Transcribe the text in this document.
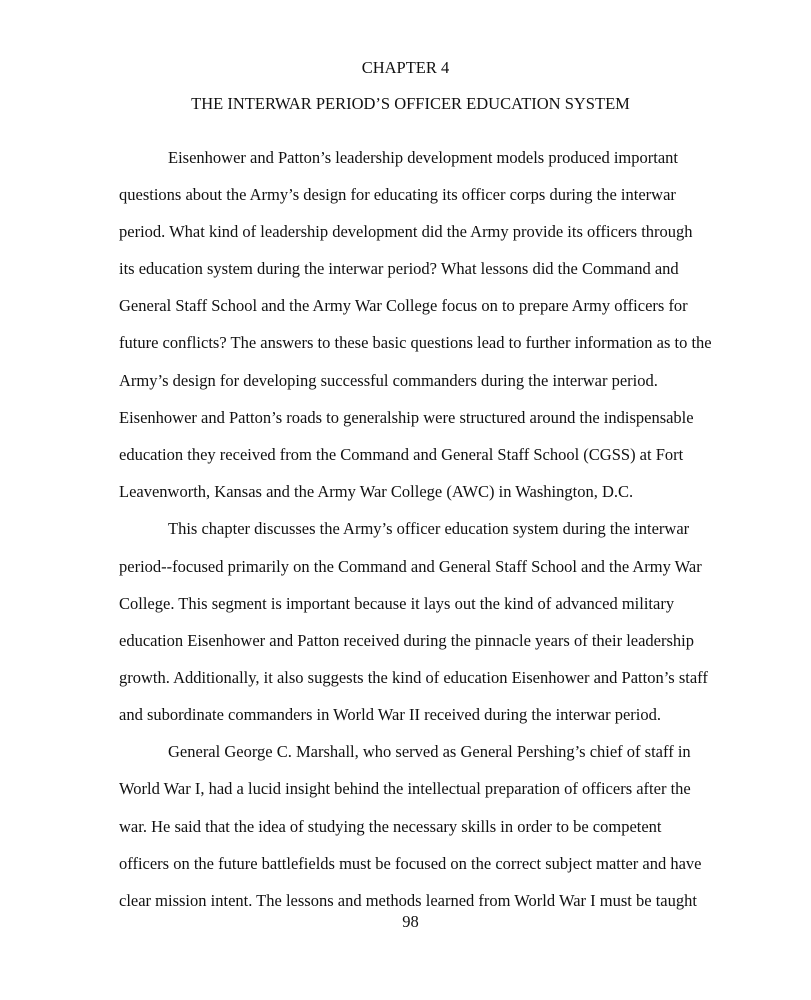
CHAPTER 4
THE INTERWAR PERIOD’S OFFICER EDUCATION SYSTEM
Eisenhower and Patton’s leadership development models produced important
questions about the Army’s design for educating its officer corps during the interwar
period. What kind of leadership development did the Army provide its officers through
its education system during the interwar period? What lessons did the Command and
General Staff School and the Army War College focus on to prepare Army officers for
future conflicts? The answers to these basic questions lead to further information as to the
Army’s design for developing successful commanders during the interwar period.
Eisenhower and Patton’s roads to generalship were structured around the indispensable
education they received from the Command and General Staff School (CGSS) at Fort
Leavenworth, Kansas and the Army War College (AWC) in Washington, D.C.
This chapter discusses the Army’s officer education system during the interwar
period--focused primarily on the Command and General Staff School and the Army War
College. This segment is important because it lays out the kind of advanced military
education Eisenhower and Patton received during the pinnacle years of their leadership
growth. Additionally, it also suggests the kind of education Eisenhower and Patton’s staff
and subordinate commanders in World War II received during the interwar period.
General George C. Marshall, who served as General Pershing’s chief of staff in
World War I, had a lucid insight behind the intellectual preparation of officers after the
war. He said that the idea of studying the necessary skills in order to be competent
officers on the future battlefields must be focused on the correct subject matter and have
clear mission intent. The lessons and methods learned from World War I must be taught
98
